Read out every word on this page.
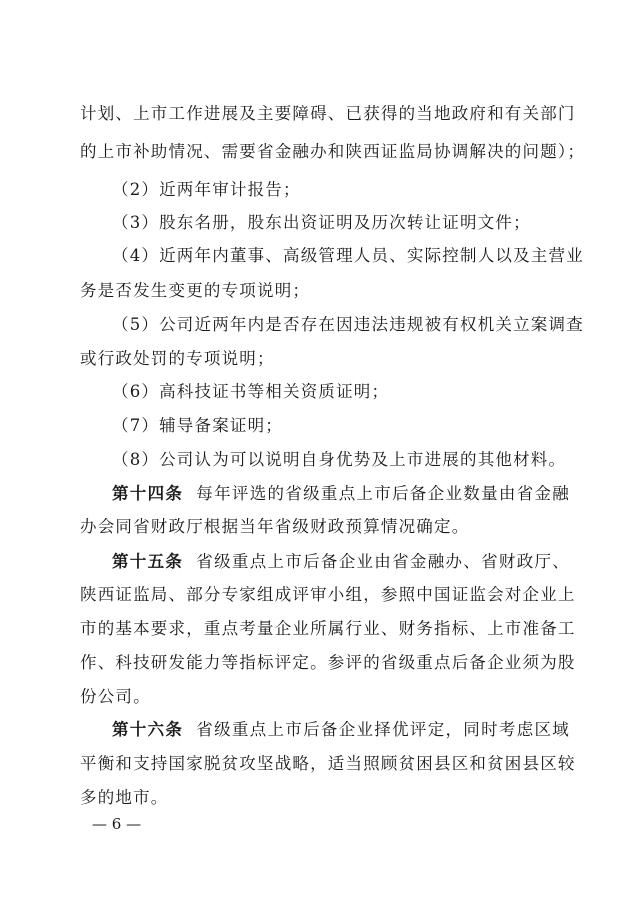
计划、上市工作进展及主要障碍、已获得的当地政府和有关部门
的上市补助情况、需要省金融办和陕西证监局协调解决的问题）；
（2）近两年审计报告；
（3）股东名册，股东出资证明及历次转让证明文件；
（4）近两年内董事、高级管理人员、实际控制人以及主营业
务是否发生变更的专项说明；
（5）公司近两年内是否存在因违法违规被有权机关立案调查
或行政处罚的专项说明；
（6）高科技证书等相关资质证明；
（7）辅导备案证明；
（8）公司认为可以说明自身优势及上市进展的其他材料。
第十四条 每年评选的省级重点上市后备企业数量由省金融
办会同省财政厅根据当年省级财政预算情况确定。
第十五条 省级重点上市后备企业由省金融办、省财政厅、
陕西证监局、部分专家组成评审小组，参照中国证监会对企业上
市的基本要求，重点考量企业所属行业、财务指标、上市准备工
作、科技研发能力等指标评定。参评的省级重点后备企业须为股
份公司。
第十六条 省级重点上市后备企业择优评定，同时考虑区域
平衡和支持国家脱贫攻坚战略，适当照顾贫困县区和贫困县区较
多的地市。
— 6 —
